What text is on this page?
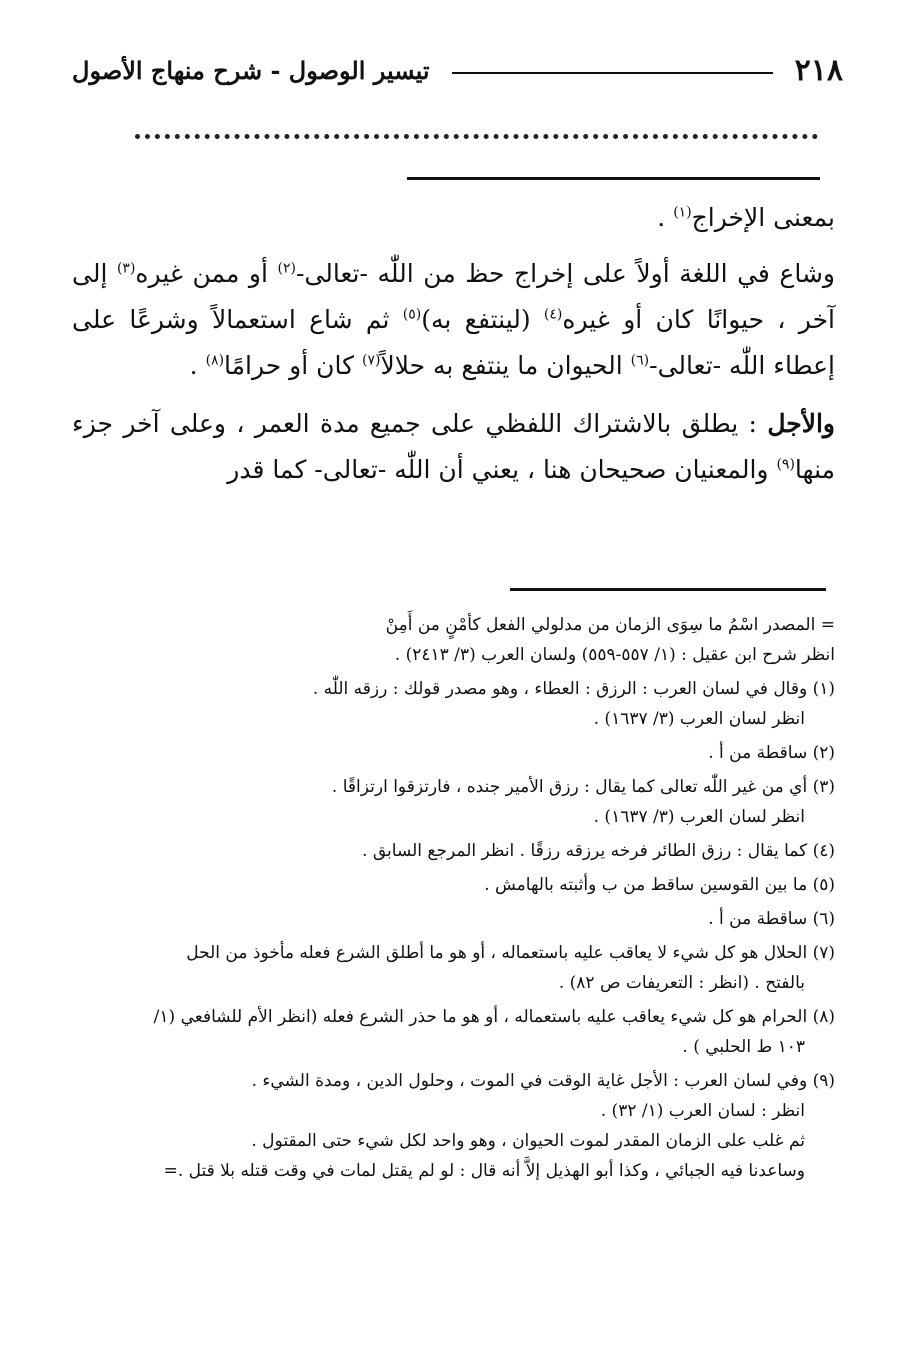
٢١٨
تيسير الوصول - شرح منهاج الأصول

بمعنى الإخراج$^{(١)}$ .

وشاع في اللغة أولاً على إخراج حظ من اللّٰه -تعالى-$^{(٢)}$ أو ممن غيره$^{(٣)}$ إلى آخر ، حيوانًا كان أو غيره$^{(٤)}$ (لينتفع به)$^{(٥)}$ ثم شاع استعمالاً وشرعًا على إعطاء اللّٰه -تعالى-$^{(٦)}$ الحيوان ما ينتفع به حلالاً$^{(٧)}$ كان أو حرامًا$^{(٨)}$ .

والأجل : يطلق بالاشتراك اللفظي على جميع مدة العمر ، وعلى آخر جزء منها$^{(٩)}$ والمعنيان صحيحان هنا ، يعني أن اللّٰه -تعالى- كما قدر

= المصدر اسْمُ ما سِوَى الزمان من مدلولي الفعل كأمْنٍ من أَمِنْ
انظر شرح ابن عقيل : (١/ ٥٥٧-٥٥٩) ولسان العرب (٣/ ٢٤١٣) .
(١) وقال في لسان العرب : الرزق : العطاء ، وهو مصدر قولك : رزقه اللّٰه .
انظر لسان العرب (٣/ ١٦٣٧) .
(٢) ساقطة من أ .
(٣) أي من غير اللّٰه تعالى كما يقال : رزق الأمير جنده ، فارتزقوا ارتزاقًا .
انظر لسان العرب (٣/ ١٦٣٧) .
(٤) كما يقال : رزق الطائر فرخه يرزقه رزقًا . انظر المرجع السابق .
(٥) ما بين القوسين ساقط من ب وأثبته بالهامش .
(٦) ساقطة من أ .
(٧) الحلال هو كل شيء لا يعاقب عليه باستعماله ، أو هو ما أطلق الشرع فعله مأخوذ من الحل
بالفتح . (انظر : التعريفات ص ٨٢) .
(٨) الحرام هو كل شيء يعاقب عليه باستعماله ، أو هو ما حذر الشرع فعله (انظر الأم للشافعي (١/
١٠٣ ط الحلبي ) .
(٩) وفي لسان العرب : الأجل غاية الوقت في الموت ، وحلول الدين ، ومدة الشيء .
انظر : لسان العرب (١/ ٣٢) .
ثم غلب على الزمان المقدر لموت الحيوان ، وهو واحد لكل شيء حتى المقتول .
وساعدنا فيه الجبائي ، وكذا أبو الهذيل إلاَّ أنه قال : لو لم يقتل لمات في وقت قتله بلا قتل .=
